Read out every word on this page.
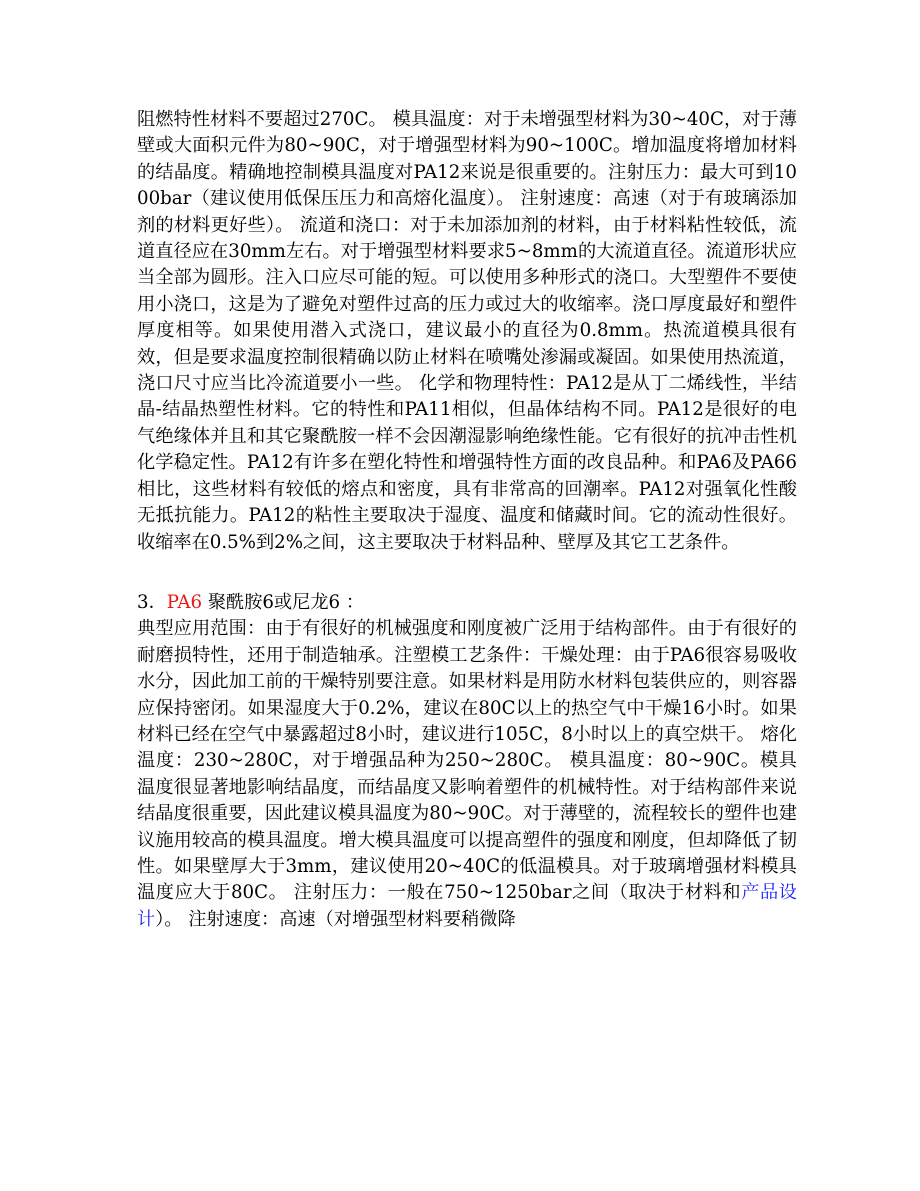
阻燃特性材料不要超过270C。 模具温度：对于未增强型材料为30~40C，对于薄壁或大面积元件为80~90C，对于增强型材料为90~100C。增加温度将增加材料的结晶度。精确地控制模具温度对PA12来说是很重要的。注射压力：最大可到1000bar（建议使用低保压压力和高熔化温度）。 注射速度：高速（对于有玻璃添加剂的材料更好些）。 流道和浇口：对于未加添加剂的材料，由于材料粘性较低，流道直径应在30mm左右。对于增强型材料要求5~8mm的大流道直径。流道形状应当全部为圆形。注入口应尽可能的短。可以使用多种形式的浇口。大型塑件不要使用小浇口，这是为了避免对塑件过高的压力或过大的收缩率。浇口厚度最好和塑件厚度相等。如果使用潜入式浇口，建议最小的直径为0.8mm。热流道模具很有效，但是要求温度控制很精确以防止材料在喷嘴处渗漏或凝固。如果使用热流道，浇口尺寸应当比冷流道要小一些。 化学和物理特性：PA12是从丁二烯线性，半结晶-结晶热塑性材料。它的特性和PA11相似，但晶体结构不同。PA12是很好的电气绝缘体并且和其它聚酰胺一样不会因潮湿影响绝缘性能。它有很好的抗冲击性机化学稳定性。PA12有许多在塑化特性和增强特性方面的改良品种。和PA6及PA66相比，这些材料有较低的熔点和密度，具有非常高的回潮率。PA12对强氧化性酸无抵抗能力。PA12的粘性主要取决于湿度、温度和储藏时间。它的流动性很好。收缩率在0.5%到2%之间，这主要取决于材料品种、壁厚及其它工艺条件。

3．PA6 聚酰胺6或尼龙6 ：

典型应用范围：由于有很好的机械强度和刚度被广泛用于结构部件。由于有很好的耐磨损特性，还用于制造轴承。注塑模工艺条件：干燥处理：由于PA6很容易吸收水分，因此加工前的干燥特别要注意。如果材料是用防水材料包装供应的，则容器应保持密闭。如果湿度大于0.2%，建议在80C以上的热空气中干燥16小时。如果材料已经在空气中暴露超过8小时，建议进行105C，8小时以上的真空烘干。 熔化温度：230~280C，对于增强品种为250~280C。 模具温度：80~90C。模具温度很显著地影响结晶度，而结晶度又影响着塑件的机械特性。对于结构部件来说结晶度很重要，因此建议模具温度为80~90C。对于薄壁的，流程较长的塑件也建议施用较高的模具温度。增大模具温度可以提高塑件的强度和刚度，但却降低了韧性。如果壁厚大于3mm，建议使用20~40C的低温模具。对于玻璃增强材料模具温度应大于80C。 注射压力：一般在750~1250bar之间（取决于材料和产品设计）。 注射速度：高速（对增强型材料要稍微降
